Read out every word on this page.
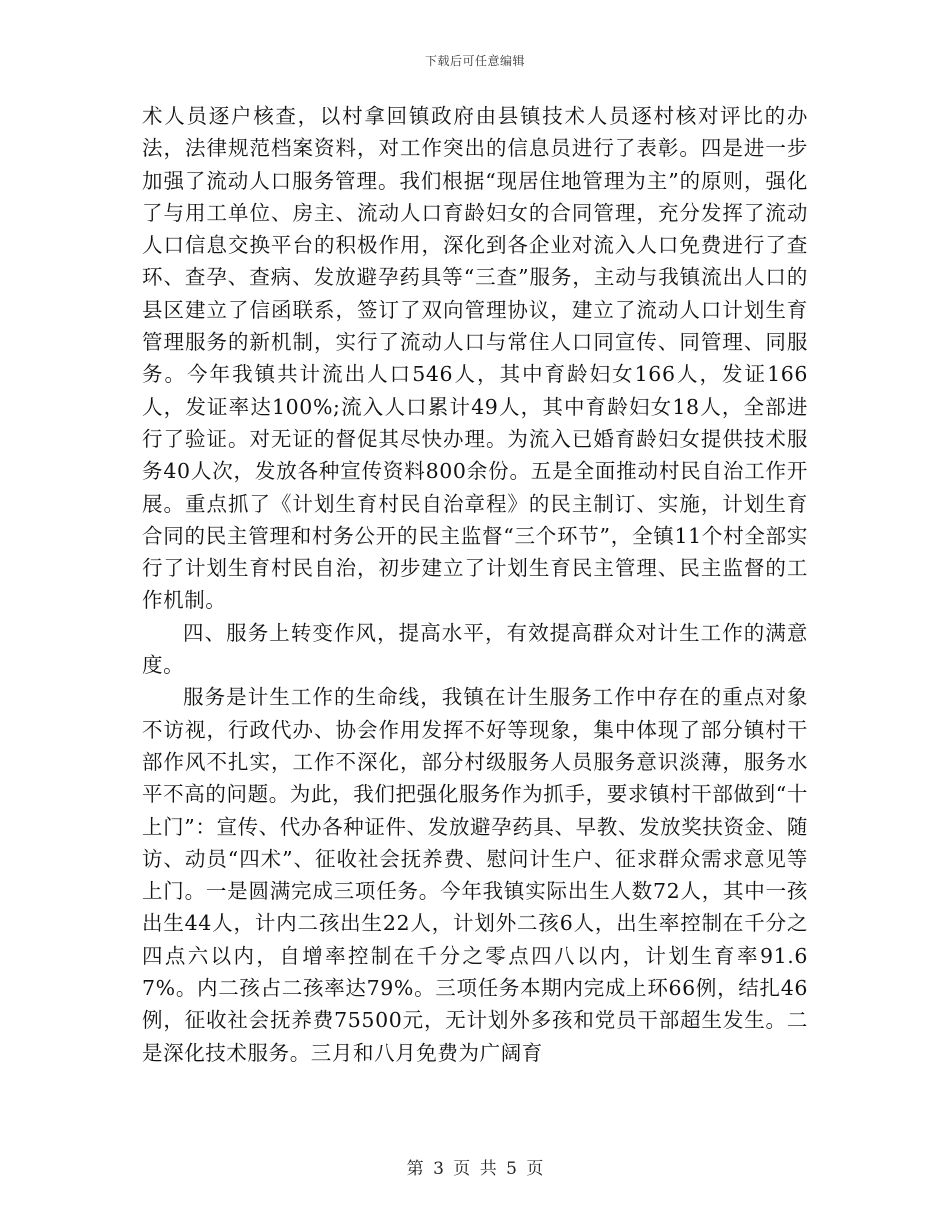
下载后可任意编辑

术人员逐户核查，以村拿回镇政府由县镇技术人员逐村核对评比的办法，法律规范档案资料，对工作突出的信息员进行了表彰。四是进一步加强了流动人口服务管理。我们根据“现居住地管理为主”的原则，强化了与用工单位、房主、流动人口育龄妇女的合同管理，充分发挥了流动人口信息交换平台的积极作用，深化到各企业对流入人口免费进行了查环、查孕、查病、发放避孕药具等“三查”服务，主动与我镇流出人口的县区建立了信函联系，签订了双向管理协议，建立了流动人口计划生育管理服务的新机制，实行了流动人口与常住人口同宣传、同管理、同服务。今年我镇共计流出人口546人，其中育龄妇女166人，发证166人，发证率达100%;流入人口累计49人，其中育龄妇女18人，全部进行了验证。对无证的督促其尽快办理。为流入已婚育龄妇女提供技术服务40人次，发放各种宣传资料800余份。五是全面推动村民自治工作开展。重点抓了《计划生育村民自治章程》的民主制订、实施，计划生育合同的民主管理和村务公开的民主监督“三个环节”，全镇11个村全部实行了计划生育村民自治，初步建立了计划生育民主管理、民主监督的工作机制。

四、服务上转变作风，提高水平，有效提高群众对计生工作的满意度。

服务是计生工作的生命线，我镇在计生服务工作中存在的重点对象不访视，行政代办、协会作用发挥不好等现象，集中体现了部分镇村干部作风不扎实，工作不深化，部分村级服务人员服务意识淡薄，服务水平不高的问题。为此，我们把强化服务作为抓手，要求镇村干部做到“十上门”：宣传、代办各种证件、发放避孕药具、早教、发放奖扶资金、随访、动员“四术”、征收社会抚养费、慰问计生户、征求群众需求意见等上门。一是圆满完成三项任务。今年我镇实际出生人数72人，其中一孩出生44人，计内二孩出生22人，计划外二孩6人，出生率控制在千分之四点六以内，自增率控制在千分之零点四八以内，计划生育率91.67%。内二孩占二孩率达79%。三项任务本期内完成上环66例，结扎46例，征收社会抚养费75500元，无计划外多孩和党员干部超生发生。二是深化技术服务。三月和八月免费为广阔育

第 3 页 共 5 页
